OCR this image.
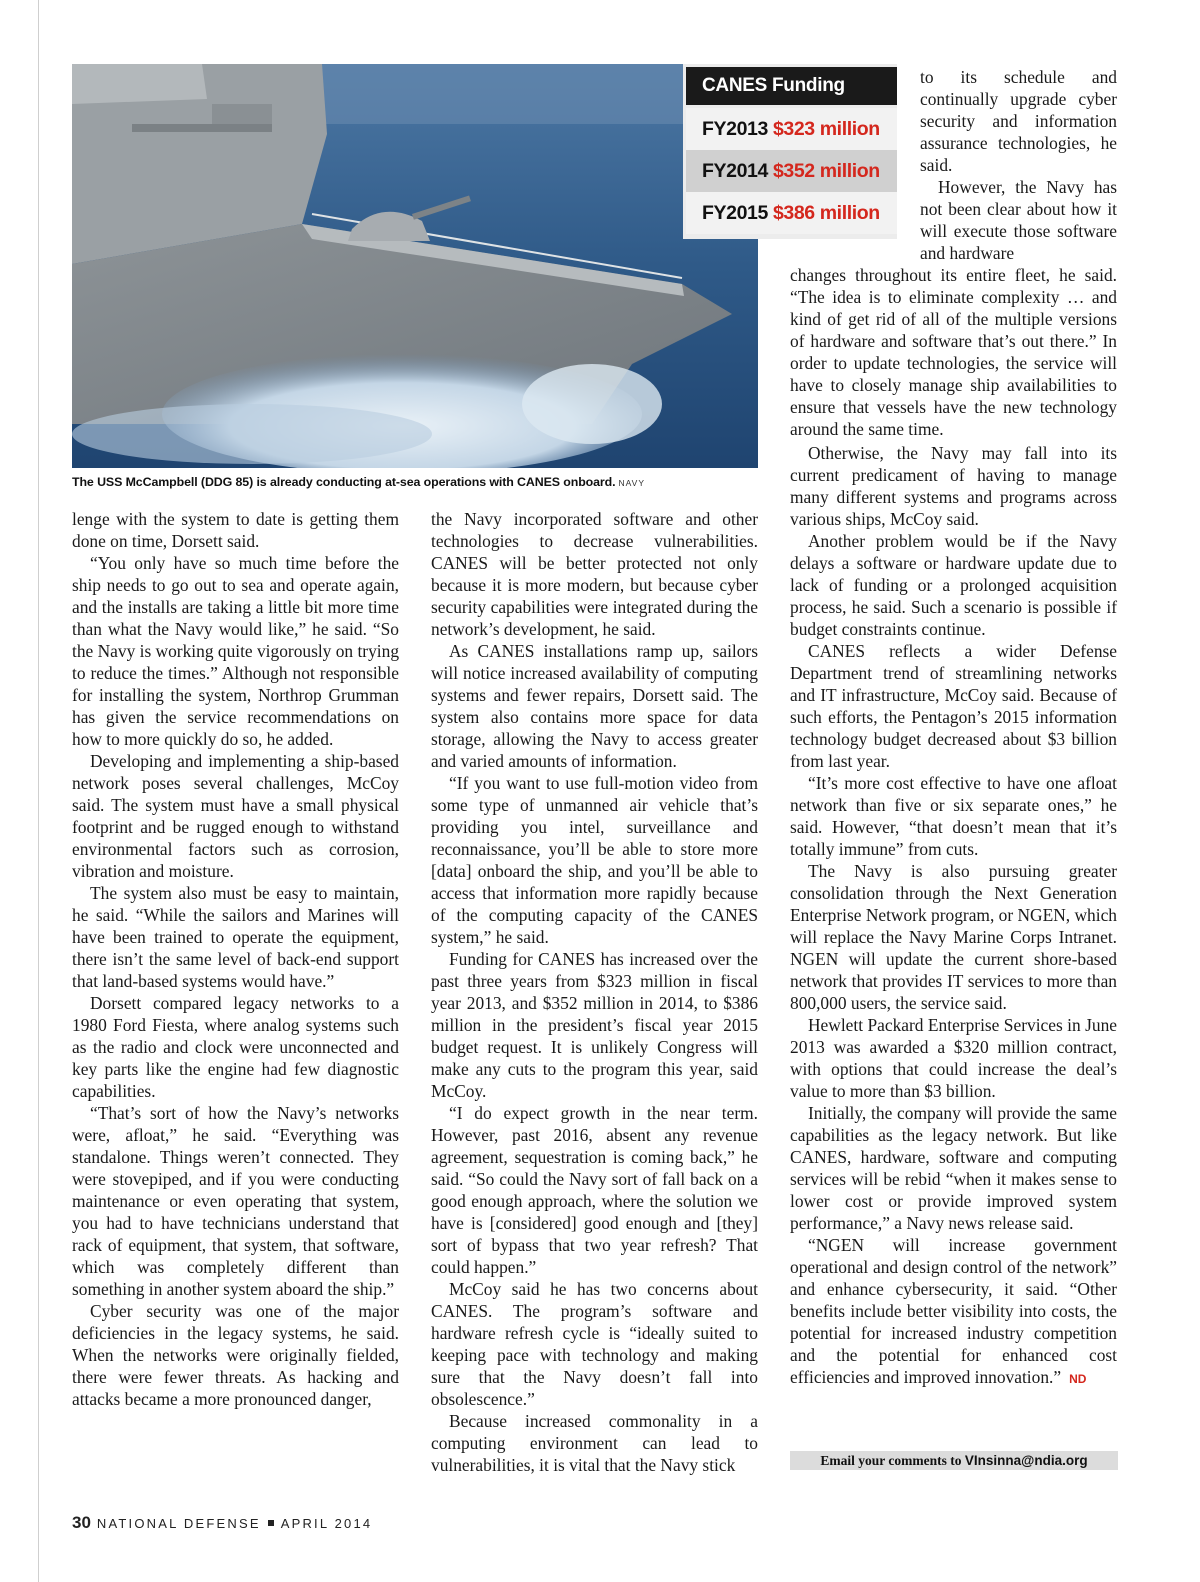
The USS McCampbell (DDG 85) is already conducting at-sea operations with CANES onboard. NAVY
CANES Funding
FY2013 $323 million
FY2014 $352 million
FY2015 $386 million

to its schedule and continually upgrade cyber security and information assurance technologies, he said.

However, the Navy has not been clear about how it will execute those software and hardware

changes throughout its entire fleet, he said. “The idea is to eliminate complexity … and kind of get rid of all of the multiple versions of hardware and software that’s out there.” In order to update technologies, the service will have to closely manage ship availabilities to ensure that vessels have the new technology around the same time.

lenge with the system to date is getting them done on time, Dorsett said.

“You only have so much time before the ship needs to go out to sea and operate again, and the installs are taking a little bit more time than what the Navy would like,” he said. “So the Navy is working quite vigorously on trying to reduce the times.” Although not responsible for installing the system, Northrop Grumman has given the service recommendations on how to more quickly do so, he added.

Developing and implementing a ship-based network poses several challenges, McCoy said. The system must have a small physical footprint and be rugged enough to withstand environmental factors such as corrosion, vibration and moisture.

The system also must be easy to maintain, he said. “While the sailors and Marines will have been trained to operate the equipment, there isn’t the same level of back-end support that land-based systems would have.”

Dorsett compared legacy networks to a 1980 Ford Fiesta, where analog systems such as the radio and clock were unconnected and key parts like the engine had few diagnostic capabilities.

“That’s sort of how the Navy’s networks were, afloat,” he said. “Everything was standalone. Things weren’t connected. They were stovepiped, and if you were conducting maintenance or even operating that system, you had to have technicians understand that rack of equipment, that system, that software, which was completely different than something in another system aboard the ship.”

Cyber security was one of the major deficiencies in the legacy systems, he said. When the networks were originally fielded, there were fewer threats. As hacking and attacks became a more pronounced danger,

the Navy incorporated software and other technologies to decrease vulnerabilities. CANES will be better protected not only because it is more modern, but because cyber security capabilities were integrated during the network’s development, he said.

As CANES installations ramp up, sailors will notice increased availability of computing systems and fewer repairs, Dorsett said. The system also contains more space for data storage, allowing the Navy to access greater and varied amounts of information.

“If you want to use full-motion video from some type of unmanned air vehicle that’s providing you intel, surveillance and reconnaissance, you’ll be able to store more [data] onboard the ship, and you’ll be able to access that information more rapidly because of the computing capacity of the CANES system,” he said.

Funding for CANES has increased over the past three years from $323 million in fiscal year 2013, and $352 million in 2014, to $386 million in the president’s fiscal year 2015 budget request. It is unlikely Congress will make any cuts to the program this year, said McCoy.

“I do expect growth in the near term. However, past 2016, absent any revenue agreement, sequestration is coming back,” he said. “So could the Navy sort of fall back on a good enough approach, where the solution we have is [considered] good enough and [they] sort of bypass that two year refresh? That could happen.”

McCoy said he has two concerns about CANES. The program’s software and hardware refresh cycle is “ideally suited to keeping pace with technology and making sure that the Navy doesn’t fall into obsolescence.”

Because increased commonality in a computing environment can lead to vulnerabilities, it is vital that the Navy stick

Otherwise, the Navy may fall into its current predicament of having to manage many different systems and programs across various ships, McCoy said.

Another problem would be if the Navy delays a software or hardware update due to lack of funding or a prolonged acquisition process, he said. Such a scenario is possible if budget constraints continue.

CANES reflects a wider Defense Department trend of streamlining networks and IT infrastructure, McCoy said. Because of such efforts, the Pentagon’s 2015 information technology budget decreased about $3 billion from last year.

“It’s more cost effective to have one afloat network than five or six separate ones,” he said. However, “that doesn’t mean that it’s totally immune” from cuts.

The Navy is also pursuing greater consolidation through the Next Generation Enterprise Network program, or NGEN, which will replace the Navy Marine Corps Intranet. NGEN will update the current shore-based network that provides IT services to more than 800,000 users, the service said.

Hewlett Packard Enterprise Services in June 2013 was awarded a $320 million contract, with options that could increase the deal’s value to more than $3 billion.

Initially, the company will provide the same capabilities as the legacy network. But like CANES, hardware, software and computing services will be rebid “when it makes sense to lower cost or provide improved system performance,” a Navy news release said.

“NGEN will increase government operational and design control of the network” and enhance cybersecurity, it said. “Other benefits include better visibility into costs, the potential for increased industry competition and the potential for enhanced cost efficiencies and improved innovation.” ND

Email your comments to VInsinna@ndia.org
30 NATIONAL DEFENSE APRIL 2014
